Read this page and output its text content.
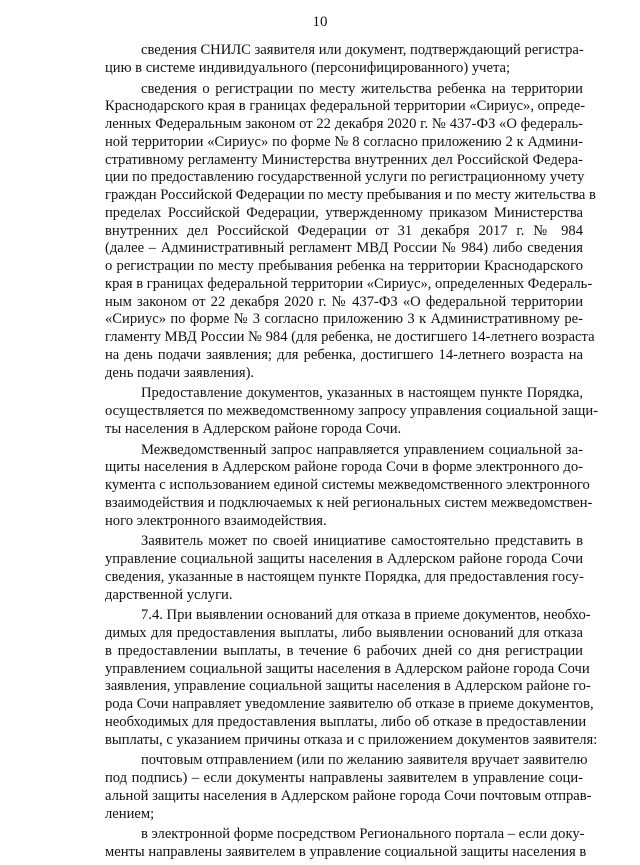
10
сведения СНИЛС заявителя или документ, подтверждающий регистра-
цию в системе индивидуального (персонифицированного) учета;
сведения о регистрации по месту жительства ребенка на территории
Краснодарского края в границах федеральной территории «Сириус», опреде-
ленных Федеральным законом от 22 декабря 2020 г. № 437-ФЗ «О федераль-
ной территории «Сириус» по форме № 8 согласно приложению 2 к Админи-
стративному регламенту Министерства внутренних дел Российской Федера-
ции по предоставлению государственной услуги по регистрационному учету
граждан Российской Федерации по месту пребывания и по месту жительства в
пределах Российской Федерации, утвержденному приказом Министерства
внутренних дел Российской Федерации от 31 декабря 2017 г. № 984
(далее – Административный регламент МВД России № 984) либо сведения
о регистрации по месту пребывания ребенка на территории Краснодарского
края в границах федеральной территории «Сириус», определенных Федераль-
ным законом от 22 декабря 2020 г. № 437-ФЗ «О федеральной территории
«Сириус» по форме № 3 согласно приложению 3 к Административному ре-
гламенту МВД России № 984 (для ребенка, не достигшего 14-летнего возраста
на день подачи заявления; для ребенка, достигшего 14-летнего возраста на
день подачи заявления).
Предоставление документов, указанных в настоящем пункте Порядка,
осуществляется по межведомственному запросу управления социальной защи-
ты населения в Адлерском районе города Сочи.
Межведомственный запрос направляется управлением социальной за-
щиты населения в Адлерском районе города Сочи в форме электронного до-
кумента с использованием единой системы межведомственного электронного
взаимодействия и подключаемых к ней региональных систем межведомствен-
ного электронного взаимодействия.
Заявитель может по своей инициативе самостоятельно представить в
управление социальной защиты населения в Адлерском районе города Сочи
сведения, указанные в настоящем пункте Порядка, для предоставления госу-
дарственной услуги.
7.4. При выявлении оснований для отказа в приеме документов, необхо-
димых для предоставления выплаты, либо выявлении оснований для отказа
в предоставлении выплаты, в течение 6 рабочих дней со дня регистрации
управлением социальной защиты населения в Адлерском районе города Сочи
заявления, управление социальной защиты населения в Адлерском районе го-
рода Сочи направляет уведомление заявителю об отказе в приеме документов,
необходимых для предоставления выплаты, либо об отказе в предоставлении
выплаты, с указанием причины отказа и с приложением документов заявителя:
почтовым отправлением (или по желанию заявителя вручает заявителю
под подпись) – если документы направлены заявителем в управление соци-
альной защиты населения в Адлерском районе города Сочи почтовым отправ-
лением;
в электронной форме посредством Регионального портала – если доку-
менты направлены заявителем в управление социальной защиты населения в
